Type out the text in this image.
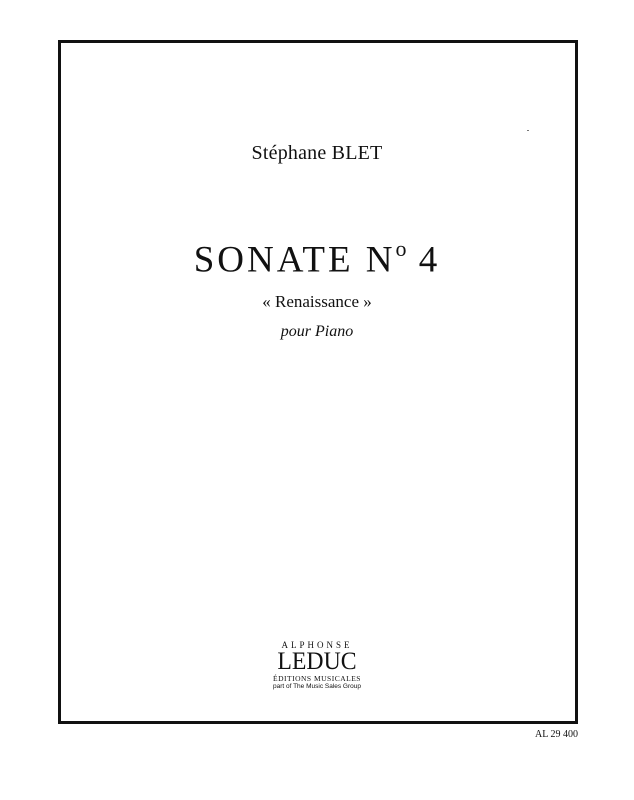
Stéphane BLET
SONATE $N^o$ 4
« Renaissance »
pour Piano
ALPHONSE
LEDUC
ÉDITIONS MUSICALES
part of The Music Sales Group
AL 29 400
